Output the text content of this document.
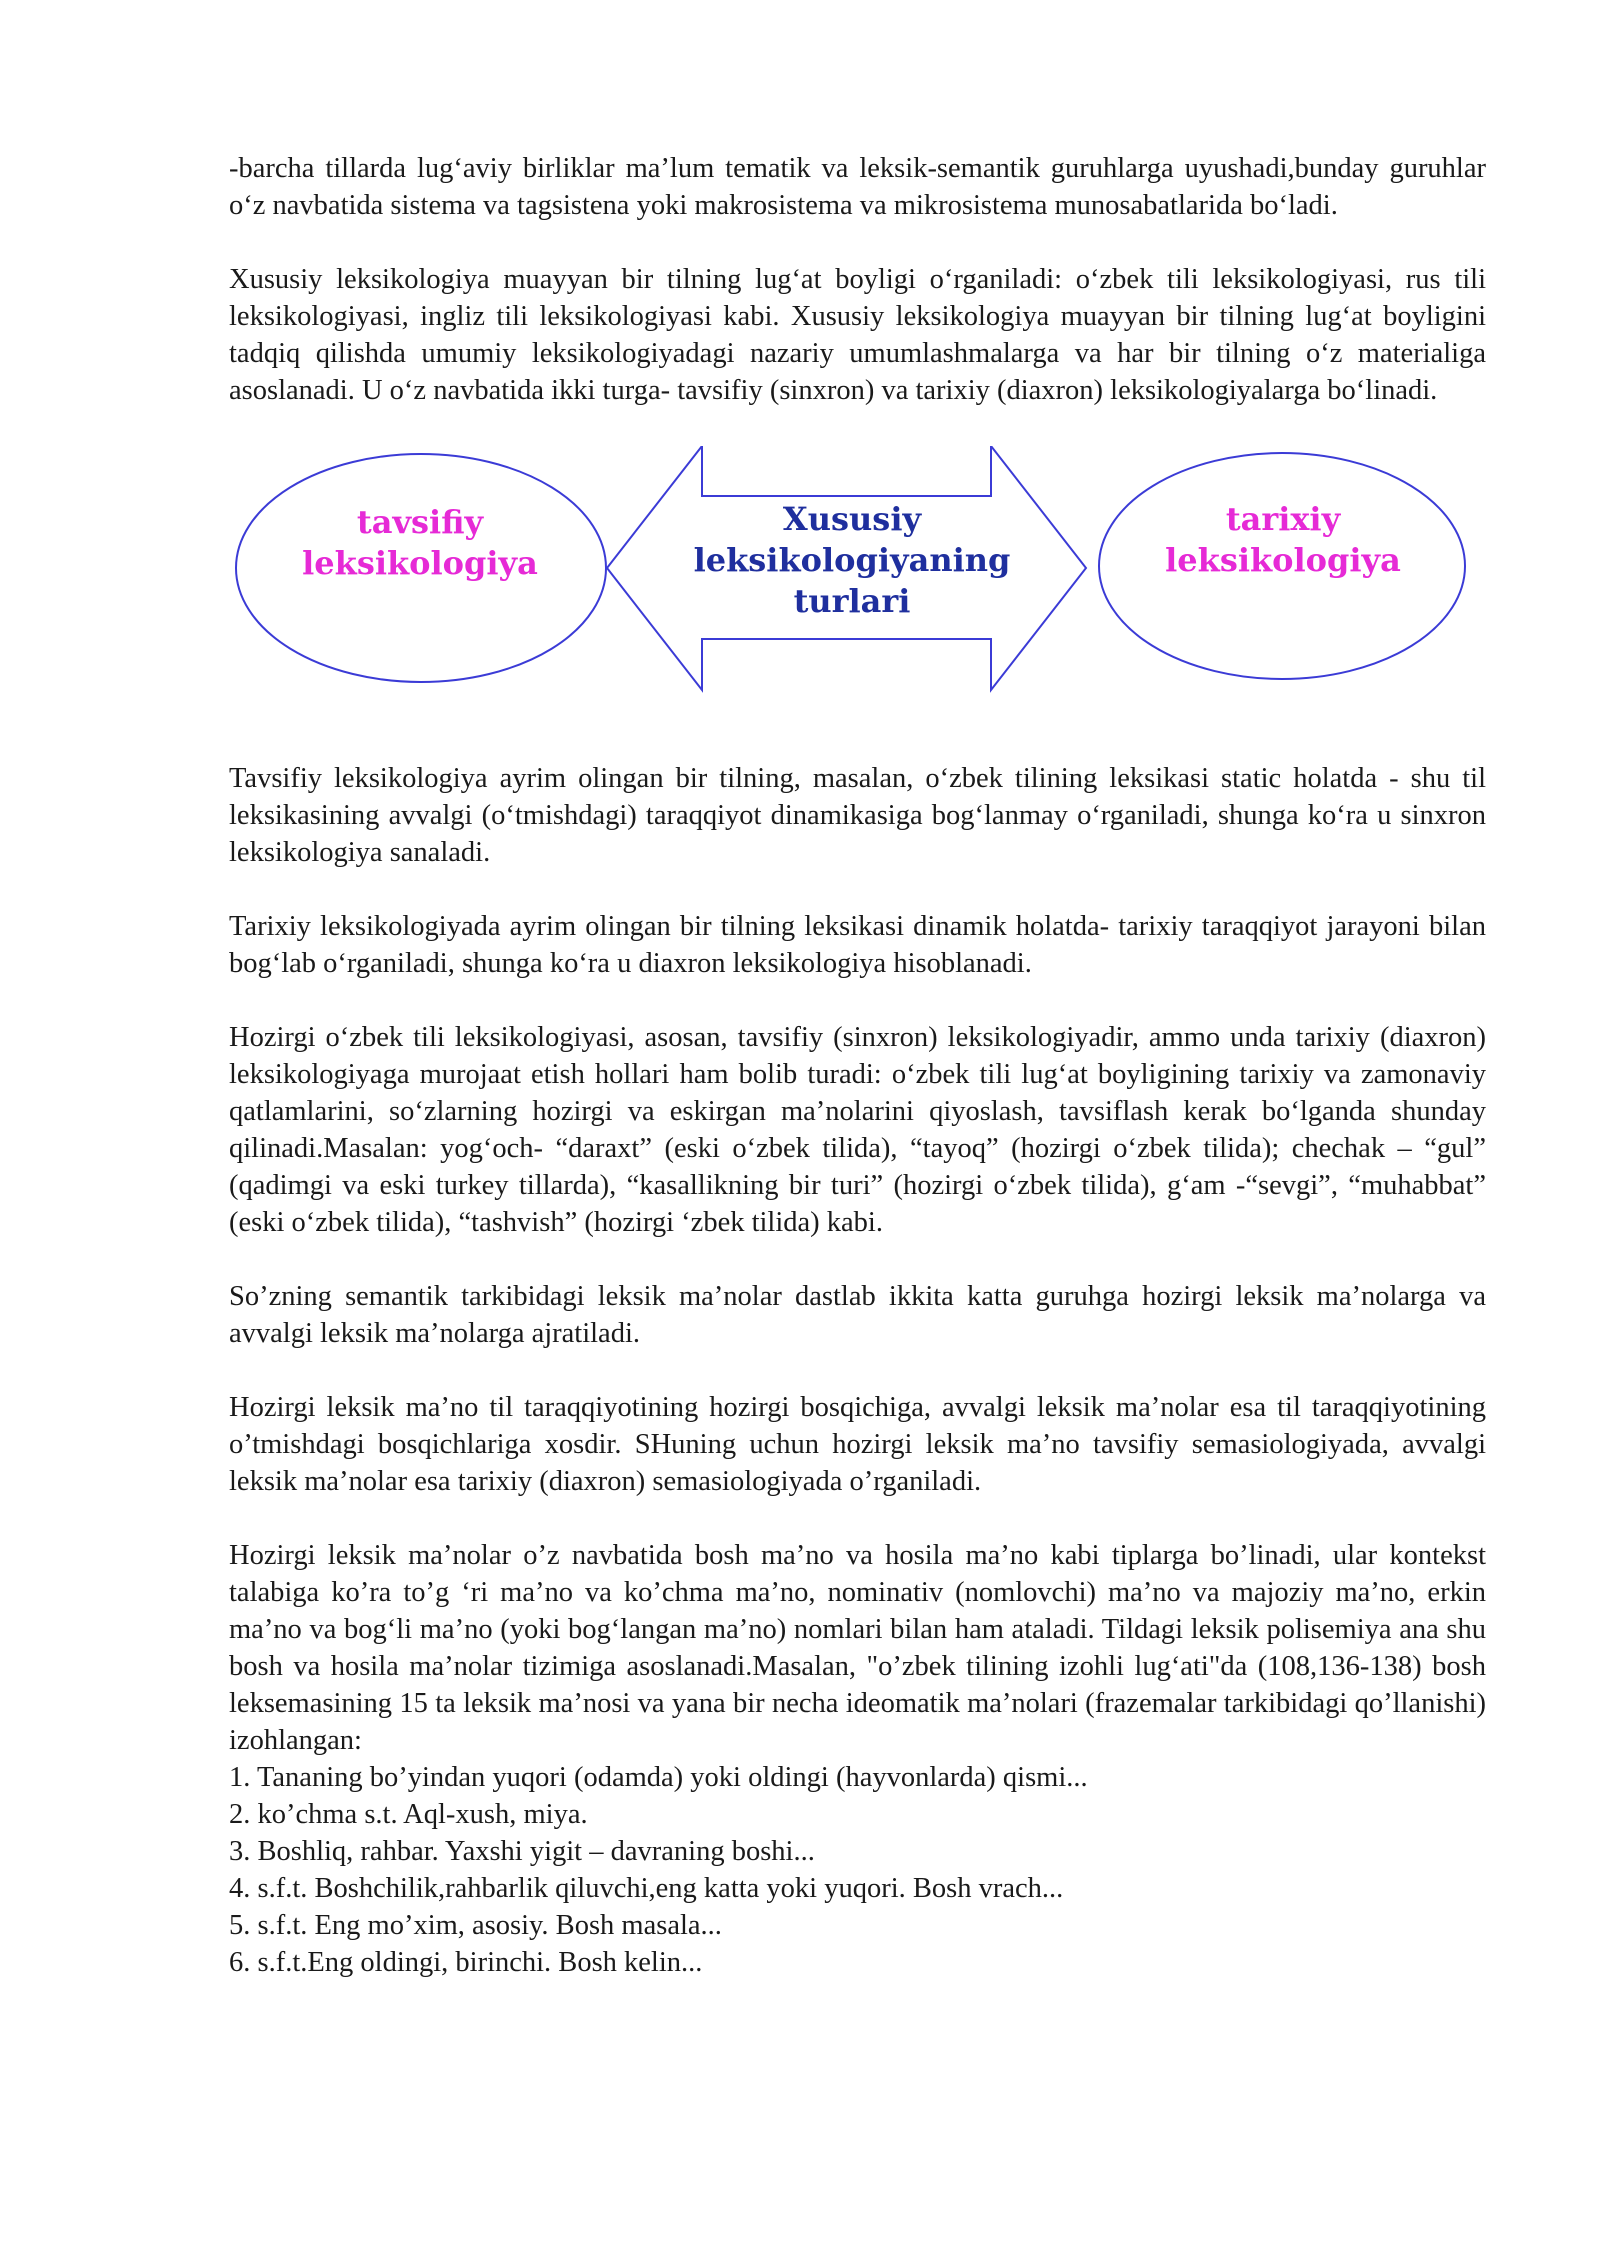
-barcha tillarda lug‘aviy birliklar ma’lum tematik va leksik-semantik guruhlarga uyushadi,bunday guruhlar o‘z navbatida sistema va tagsistena yoki makrosistema va mikrosistema munosabatlarida bo‘ladi.

Xususiy leksikologiya muayyan bir tilning lug‘at boyligi o‘rganiladi: o‘zbek tili leksikologiyasi, rus tili leksikologiyasi, ingliz tili leksikologiyasi kabi. Xususiy leksikologiya muayyan bir tilning lug‘at boyligini tadqiq qilishda umumiy leksikologiyadagi nazariy umumlashmalarga va har bir tilning o‘z materialiga asoslanadi. U o‘z navbatida ikki turga- tavsifiy (sinxron) va tarixiy (diaxron) leksikologiyalarga bo‘linadi.

tavsifiy
leksikologiya
Xususiy
leksikologiyaning
turlari
tarixiy
leksikologiya

Tavsifiy leksikologiya ayrim olingan bir tilning, masalan, o‘zbek tilining leksikasi static holatda - shu til leksikasining avvalgi (o‘tmishdagi) taraqqiyot dinamikasiga bog‘lanmay o‘rganiladi, shunga ko‘ra u sinxron leksikologiya sanaladi.

Tarixiy leksikologiyada ayrim olingan bir tilning leksikasi dinamik holatda- tarixiy taraqqiyot jarayoni bilan bog‘lab o‘rganiladi, shunga ko‘ra u diaxron leksikologiya hisoblanadi.

Hozirgi o‘zbek tili leksikologiyasi, asosan, tavsifiy (sinxron) leksikologiyadir, ammo unda tarixiy (diaxron) leksikologiyaga murojaat etish hollari ham bolib turadi: o‘zbek tili lug‘at boyligining tarixiy va zamonaviy qatlamlarini, so‘zlarning hozirgi va eskirgan ma’nolarini qiyoslash, tavsiflash kerak bo‘lganda shunday qilinadi.Masalan: yog‘och- “daraxt” (eski o‘zbek tilida), “tayoq” (hozirgi o‘zbek tilida); chechak – “gul” (qadimgi va eski turkey tillarda), “kasallikning bir turi” (hozirgi o‘zbek tilida), g‘am -“sevgi”, “muhabbat” (eski o‘zbek tilida), “tashvish” (hozirgi ‘zbek tilida) kabi.

So’zning semantik tarkibidagi leksik ma’nolar dastlab ikkita katta guruhga hozirgi leksik ma’nolarga va avvalgi leksik ma’nolarga ajratiladi.

Hozirgi leksik ma’no til taraqqiyotining hozirgi bosqichiga, avvalgi leksik ma’nolar esa til taraqqiyotining o’tmishdagi bosqichlariga xosdir. SHuning uchun hozirgi leksik ma’no tavsifiy semasiologiyada, avvalgi leksik ma’nolar esa tarixiy (diaxron) semasiologiyada o’rganiladi.

Hozirgi leksik ma’nolar o’z navbatida bosh ma’no va hosila ma’no kabi tiplarga bo’linadi, ular kontekst talabiga ko’ra to’g ‘ri ma’no va ko’chma ma’no, nominativ (nomlovchi) ma’no va majoziy ma’no, erkin ma’no va bog‘li ma’no (yoki bog‘langan ma’no) nomlari bilan ham ataladi. Tildagi leksik polisemiya ana shu bosh va hosila ma’nolar tizimiga asoslanadi.Masalan, "o’zbek tilining izohli lug‘ati"da (108,136-138) bosh leksemasining 15 ta leksik ma’nosi va yana bir necha ideomatik ma’nolari (frazemalar tarkibidagi qo’llanishi) izohlangan:

1. Tananing bo’yindan yuqori (odamda) yoki oldingi (hayvonlarda) qismi...
2. ko’chma s.t. Aql-xush, miya.
3. Boshliq, rahbar. Yaxshi yigit – davraning boshi...
4. s.f.t. Boshchilik,rahbarlik qiluvchi,eng katta yoki yuqori. Bosh vrach...
5. s.f.t. Eng mo’xim, asosiy. Bosh masala...
6. s.f.t.Eng oldingi, birinchi. Bosh kelin...
